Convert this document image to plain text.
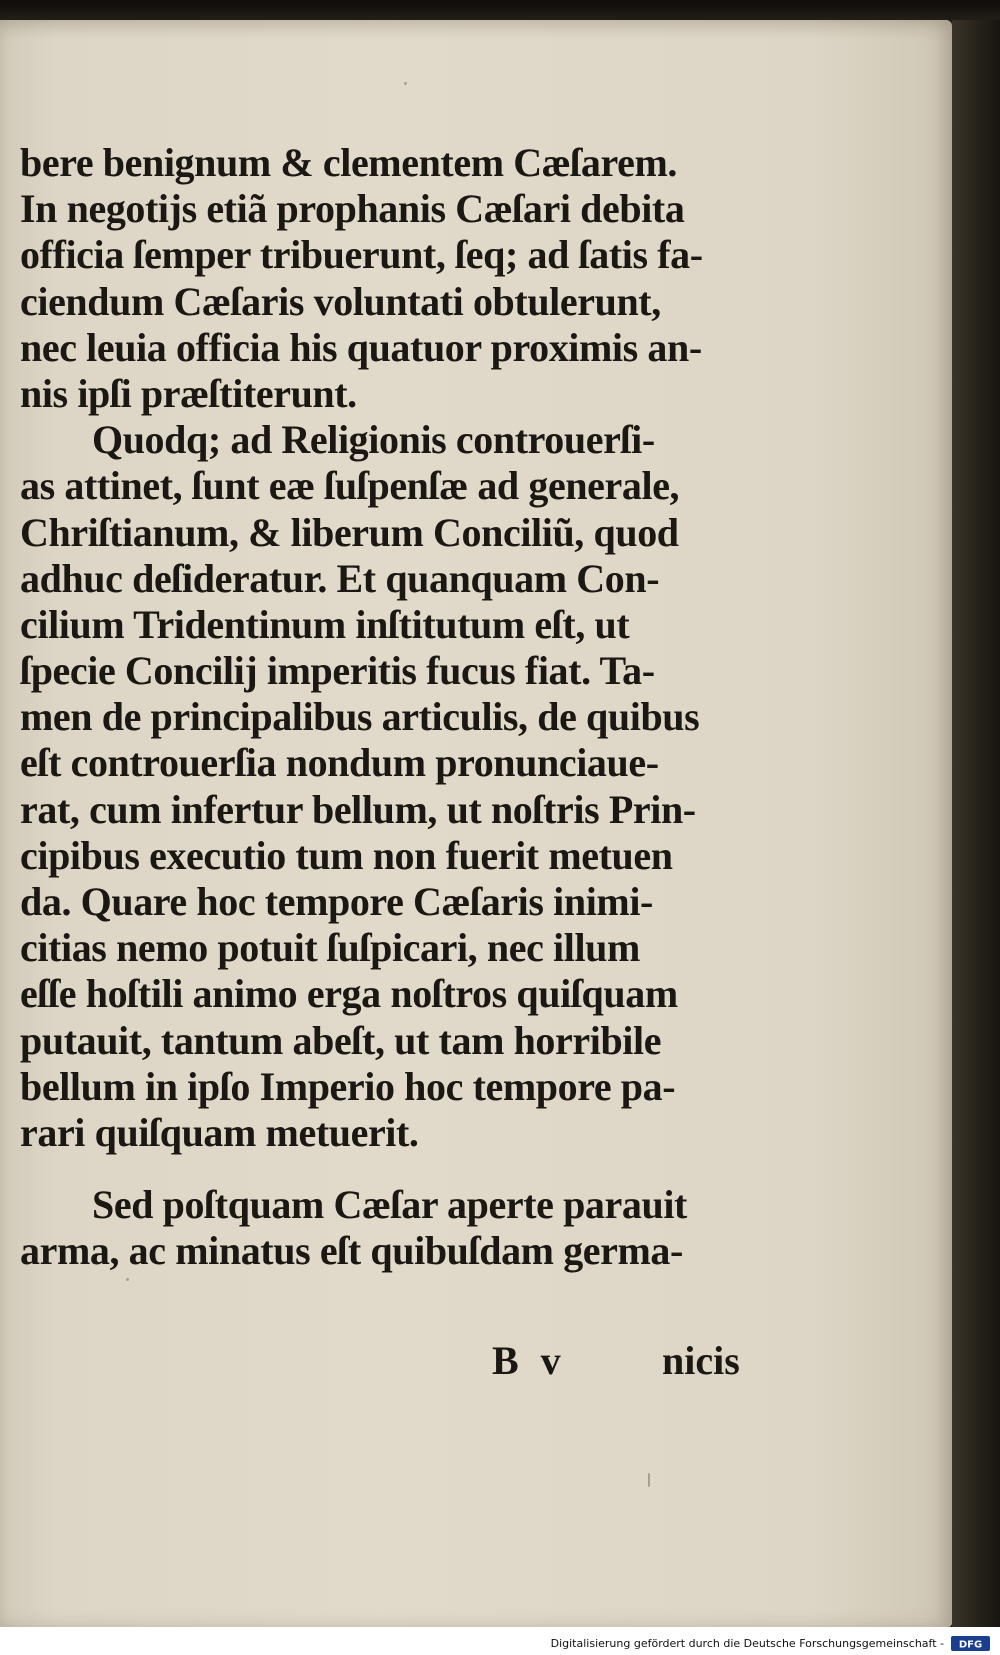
bere benignum & clementem Cæſarem.
In negotijs etiã prophanis Cæſari debita
officia ſemper tribuerunt, ſeq; ad ſatis fa-
ciendum Cæſaris voluntati obtulerunt,
nec leuia officia his quatuor proximis an-
nis ipſi præſtiterunt.
Quodq; ad Religionis controuerſi-
as attinet, ſunt eæ ſuſpenſæ ad generale,
Chriſtianum, & liberum Conciliũ, quod
adhuc deſideratur. Et quanquam Con-
cilium Tridentinum inſtitutum eſt, ut
ſpecie Concilij imperitis fucus fiat. Ta-
men de principalibus articulis, de quibus
eſt controuerſia nondum pronunciaue-
rat, cum infertur bellum, ut noſtris Prin-
cipibus executio tum non fuerit metuen
da. Quare hoc tempore Cæſaris inimi-
citias nemo potuit ſuſpicari, nec illum
eſſe hoſtili animo erga noſtros quiſquam
putauit, tantum abeſt, ut tam horribile
bellum in ipſo Imperio hoc tempore pa-
rari quiſquam metuerit.
Sed poſtquam Cæſar aperte parauit
arma, ac minatus eſt quibuſdam germa-
B v nicis
Digitalisierung gefördert durch die Deutsche Forschungsgemeinschaft - DFG
